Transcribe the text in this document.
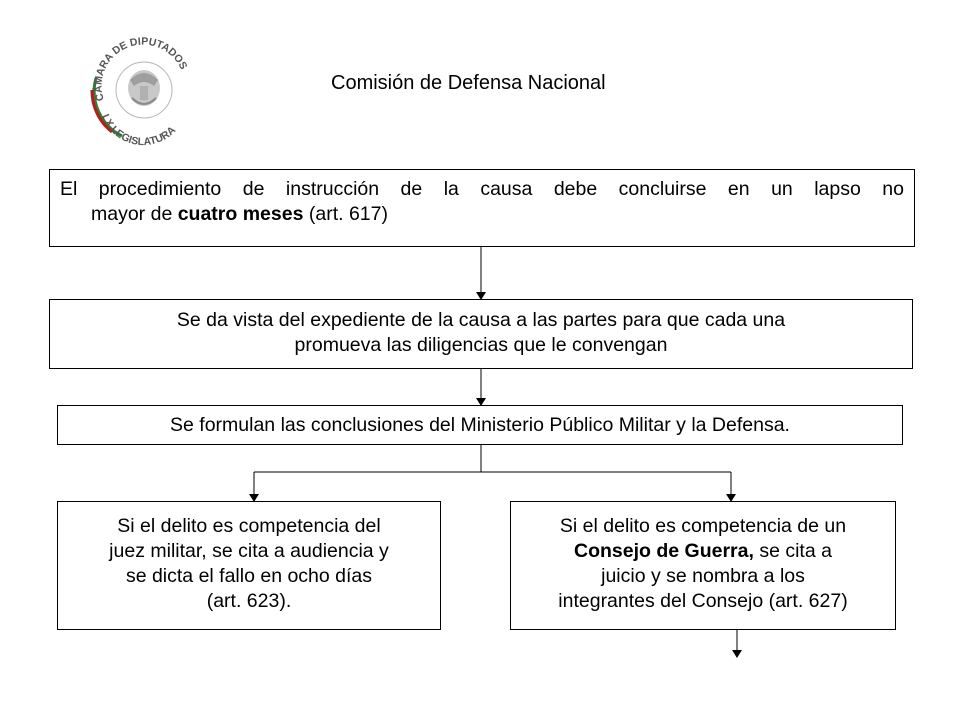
CÁMARA DE DIPUTADOS
LX LEGISLATURA
Comisión de Defensa Nacional
El procedimiento de instrucción de la causa debe concluirse en un lapso no
mayor de cuatro meses (art. 617)
Se da vista del expediente de la causa a las partes para que cada una
promueva las diligencias que le convengan
Se formulan las conclusiones del Ministerio Público Militar y la Defensa.
Si el delito es competencia del
juez militar, se cita a audiencia y
se dicta el fallo en ocho días
(art. 623).
Si el delito es competencia de un
Consejo de Guerra, se cita a
juicio y se nombra a los
integrantes del Consejo (art. 627)
